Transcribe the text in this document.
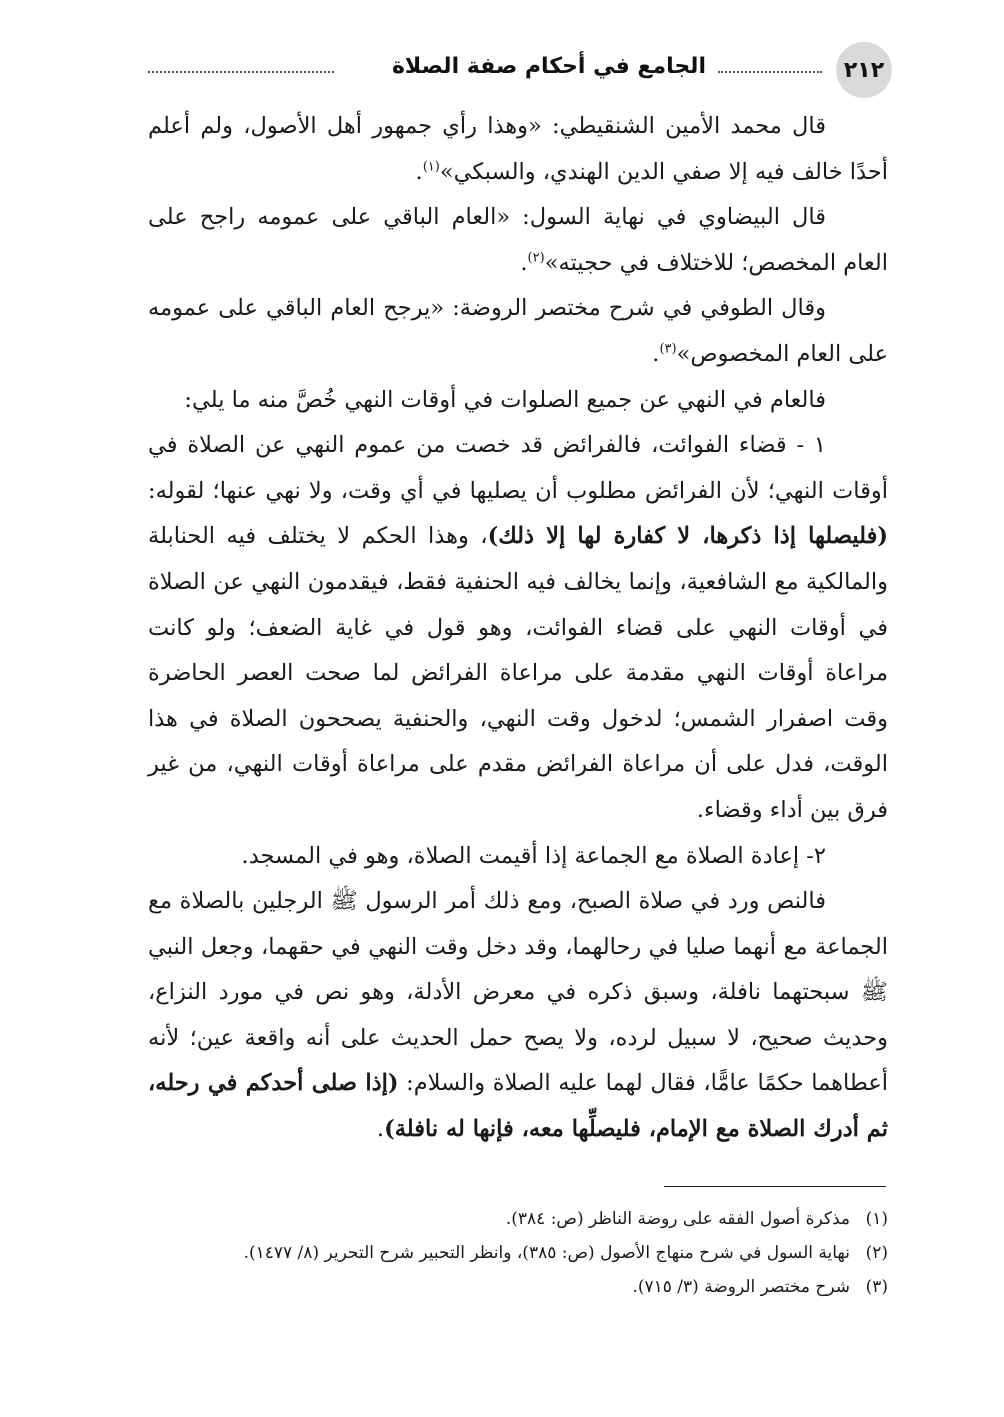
٢١٢
الجامع في أحكام صفة الصلاة

قال محمد الأمين الشنقيطي: «وهذا رأي جمهور أهل الأصول، ولم أعلم أحدًا خالف فيه إلا صفي الدين الهندي، والسبكي»$^{(١)}$.

قال البيضاوي في نهاية السول: «العام الباقي على عمومه راجح على العام المخصص؛ للاختلاف في حجيته»$^{(٢)}$.

وقال الطوفي في شرح مختصر الروضة: «يرجح العام الباقي على عمومه على العام المخصوص»$^{(٣)}$.

فالعام في النهي عن جميع الصلوات في أوقات النهي خُصَّ منه ما يلي:

١ - قضاء الفوائت، فالفرائض قد خصت من عموم النهي عن الصلاة في أوقات النهي؛ لأن الفرائض مطلوب أن يصليها في أي وقت، ولا نهي عنها؛ لقوله: (فليصلها إذا ذكرها، لا كفارة لها إلا ذلك)، وهذا الحكم لا يختلف فيه الحنابلة والمالكية مع الشافعية، وإنما يخالف فيه الحنفية فقط، فيقدمون النهي عن الصلاة في أوقات النهي على قضاء الفوائت، وهو قول في غاية الضعف؛ ولو كانت مراعاة أوقات النهي مقدمة على مراعاة الفرائض لما صحت العصر الحاضرة وقت اصفرار الشمس؛ لدخول وقت النهي، والحنفية يصححون الصلاة في هذا الوقت، فدل على أن مراعاة الفرائض مقدم على مراعاة أوقات النهي، من غير فرق بين أداء وقضاء.

٢- إعادة الصلاة مع الجماعة إذا أقيمت الصلاة، وهو في المسجد.

فالنص ورد في صلاة الصبح، ومع ذلك أمر الرسول ﷺ الرجلين بالصلاة مع الجماعة مع أنهما صليا في رحالهما، وقد دخل وقت النهي في حقهما، وجعل النبي ﷺ سبحتهما نافلة، وسبق ذكره في معرض الأدلة، وهو نص في مورد النزاع، وحديث صحيح، لا سبيل لرده، ولا يصح حمل الحديث على أنه واقعة عين؛ لأنه أعطاهما حكمًا عامًّا، فقال لهما عليه الصلاة والسلام: (إذا صلى أحدكم في رحله، ثم أدرك الصلاة مع الإمام، فليصلِّها معه، فإنها له نافلة).

(١)مذكرة أصول الفقه على روضة الناظر (ص: ٣٨٤).

(٢)نهاية السول في شرح منهاج الأصول (ص: ٣٨٥)، وانظر التحبير شرح التحرير (٨/ ١٤٧٧).

(٣)شرح مختصر الروضة (٣/ ٧١٥).
